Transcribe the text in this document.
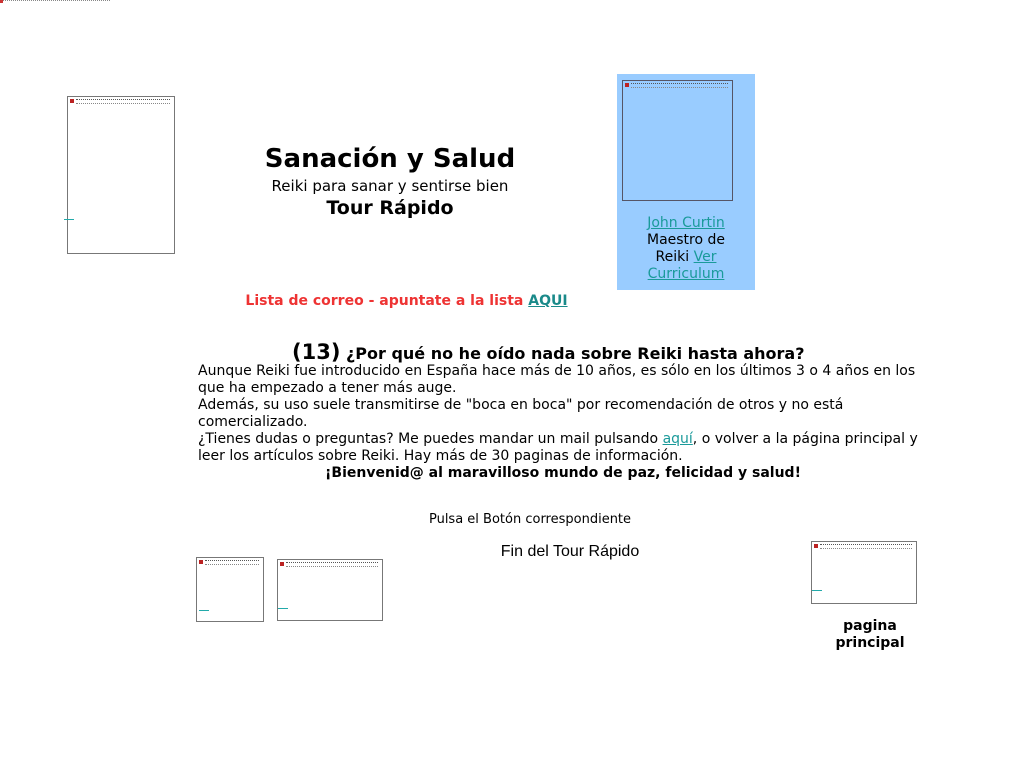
Sanación y Salud
Reiki para sanar y sentirse bien
Tour Rápido
John Curtin
Maestro de
Reiki Ver
Curriculum
Lista de correo - apuntate a la lista AQUI
(13) ¿Por qué no he oído nada sobre Reiki hasta ahora?
Aunque Reiki fue introducido en España hace más de 10 años, es sólo en los últimos 3 o 4 años en los que ha empezado a tener más auge.
Además, su uso suele transmitirse de "boca en boca" por recomendación de otros y no está comercializado.
¿Tienes dudas o preguntas? Me puedes mandar un mail pulsando aquí, o volver a la página principal y leer los artículos sobre Reiki. Hay más de 30 paginas de información.
¡Bienvenid@ al maravilloso mundo de paz, felicidad y salud!
Pulsa el Botón correspondiente
Fin del Tour Rápido
pagina
principal
